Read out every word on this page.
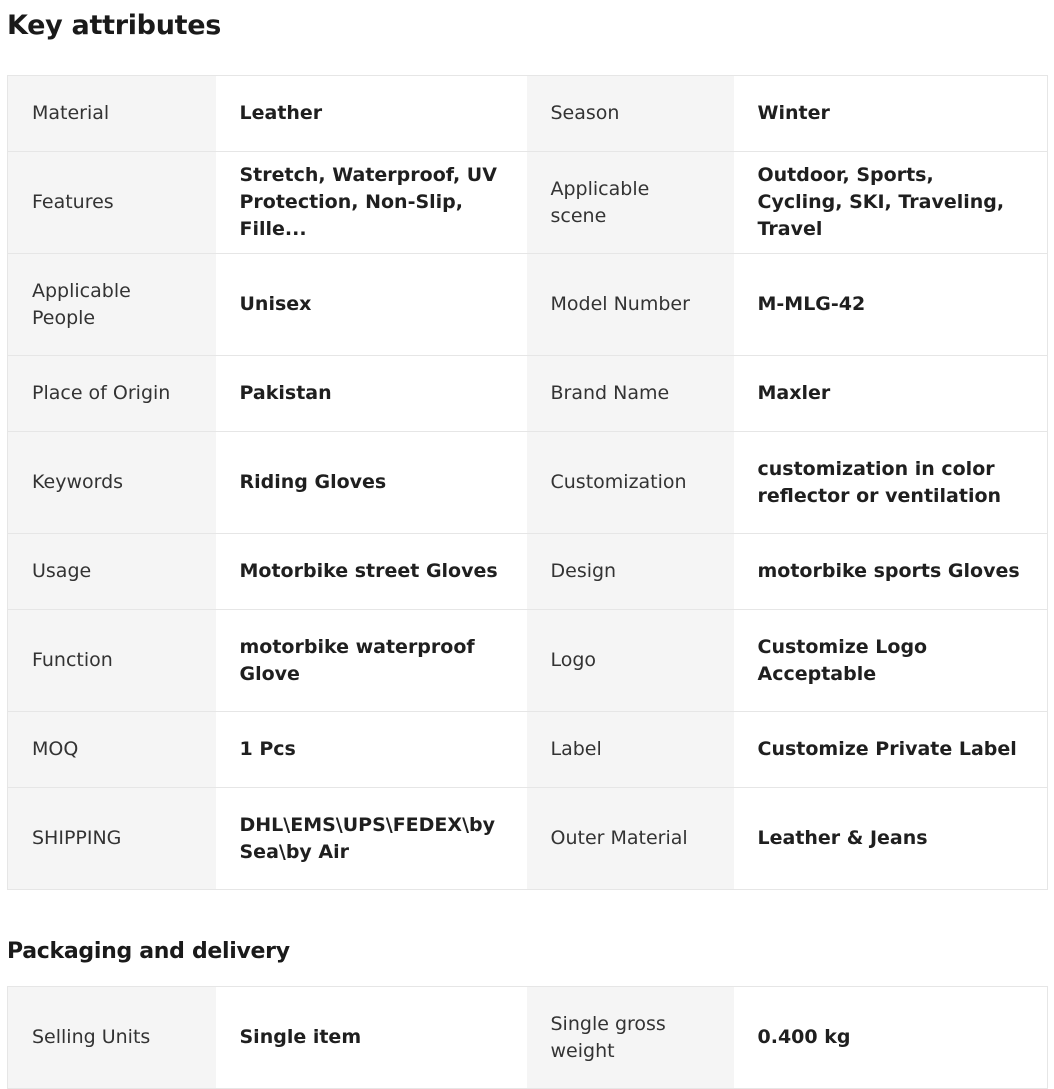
Key attributes
Material	Leather	Season	Winter
Features	Stretch, Waterproof, UV Protection, Non-Slip, Fille...	Applicable scene	Outdoor, Sports, Cycling, SKI, Traveling, Travel
Applicable People	Unisex	Model Number	M-MLG-42
Place of Origin	Pakistan	Brand Name	Maxler
Keywords	Riding Gloves	Customization	customization in color reflector or ventilation
Usage	Motorbike street Gloves	Design	motorbike sports Gloves
Function	motorbike waterproof Glove	Logo	Customize Logo Acceptable
MOQ	1 Pcs	Label	Customize Private Label
SHIPPING	DHL\EMS\UPS\FEDEX\by Sea\by Air	Outer Material	Leather & Jeans
Packaging and delivery
Selling Units	Single item	Single gross weight	0.400 kg
